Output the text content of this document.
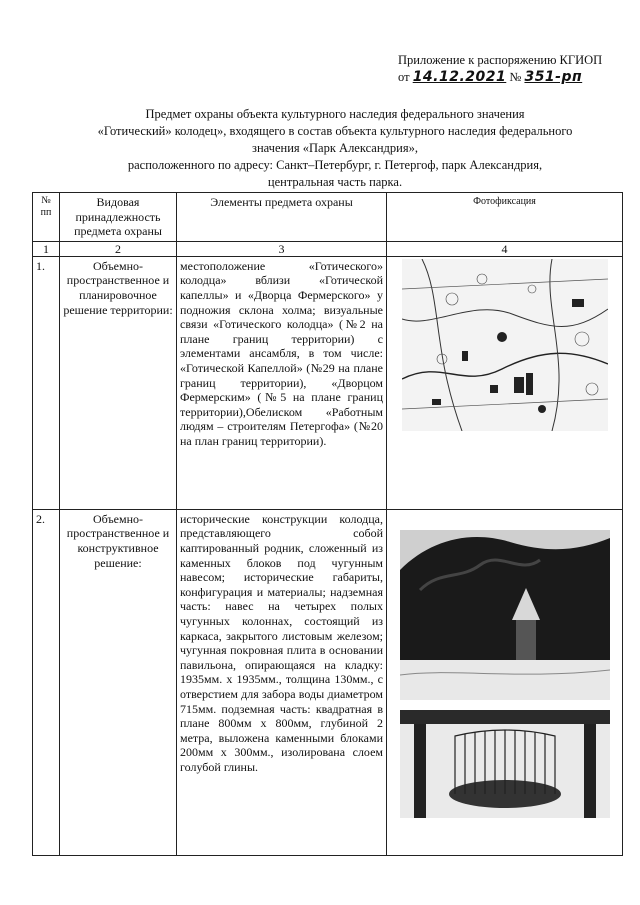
Приложение к распоряжению КГИОП
от 14.12.2021 № 351-рп
Предмет охраны объекта культурного наследия федерального значения
«Готический» колодец», входящего в состав объекта культурного наследия федерального
значения «Парк Александрия»,
расположенного по адресу: Санкт–Петербург, г. Петергоф, парк Александрия,
центральная часть парка.
№ пп	Видовая принадлежность предмета охраны	Элементы предмета охраны	Фотофиксация
1	2	3	4
1.	Объемно-пространственное и планировочное решение территории:	местоположение «Готического» колодца» вблизи «Готической капеллы» и «Дворца Фермерского» у подножия склона холма; визуальные связи «Готического колодца» (№2 на плане границ территории) с элементами ансамбля, в том числе: «Готической Капеллой» (№29 на плане границ территории), «Дворцом Фермерским» (№5 на плане границ территории),Обелиском «Работным людям – строителям Петергофа» (№20 на план границ территории).	

2.	Объемно-пространственное и конструктивное решение:	исторические конструкции колодца, представляющего собой каптированный родник, сложенный из каменных блоков под чугунным навесом; исторические габариты, конфигурация и материалы; надземная часть: навес на четырех полых чугунных колоннах, состоящий из каркаса, закрытого листовым железом; чугунная покровная плита в основании павильона, опирающаяся на кладку: 1935мм. х 1935мм., толщина 130мм., с отверстием для забора воды диаметром 715мм. подземная часть: квадратная в плане 800мм х 800мм, глубиной 2 метра, выложена каменными блоками 200мм х 300мм., изолирована слоем голубой глины.	
